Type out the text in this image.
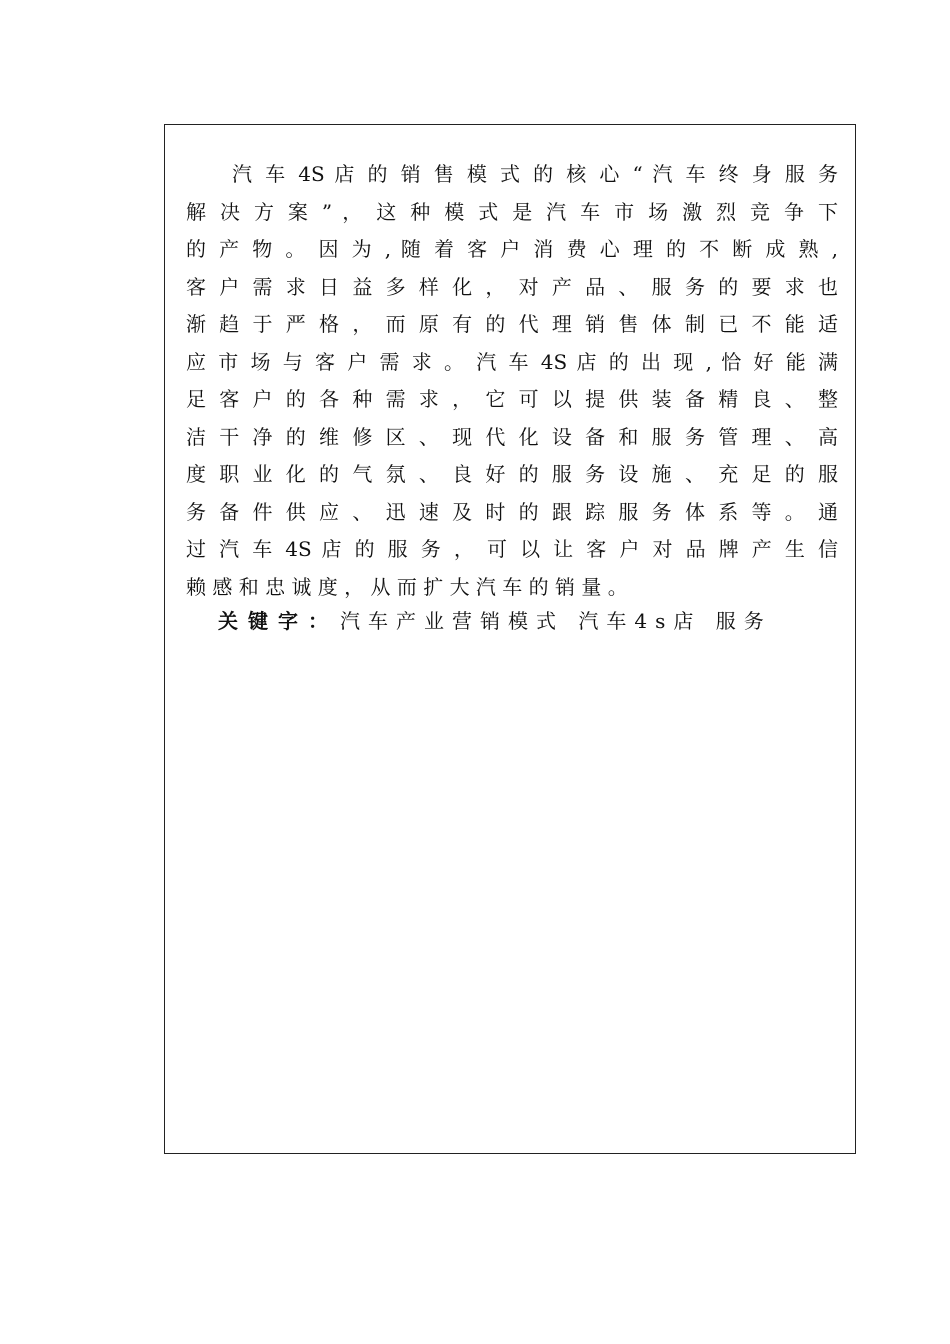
汽 车 4S 店 的 销 售 模 式 的 核 心 “ 汽 车 终 身 服 务
解 决 方 案 ” ， 这 种 模 式 是 汽 车 市 场 激 烈 竞 争 下
的 产 物 。 因 为 , 随 着 客 户 消 费 心 理 的 不 断 成 熟 ,
客 户 需 求 日 益 多 样 化 ， 对 产 品 、 服 务 的 要 求 也
渐 趋 于 严 格 ， 而 原 有 的 代 理 销 售 体 制 已 不 能 适
应 市 场 与 客 户 需 求 。 汽 车 4S 店 的 出 现 , 恰 好 能 满
足 客 户 的 各 种 需 求 ， 它 可 以 提 供 装 备 精 良 、 整
洁 干 净 的 维 修 区 、 现 代 化 设 备 和 服 务 管 理 、 高
度 职 业 化 的 气 氛 、 良 好 的 服 务 设 施 、 充 足 的 服
务 备 件 供 应 、 迅 速 及 时 的 跟 踪 服 务 体 系 等 。 通
过 汽 车 4S 店 的 服 务 ， 可 以 让 客 户 对 品 牌 产 生 信
赖 感 和 忠 诚 度 ， 从 而 扩 大 汽 车 的 销 量 。
关键字： 汽车产业营销模式 汽车4s店 服务
